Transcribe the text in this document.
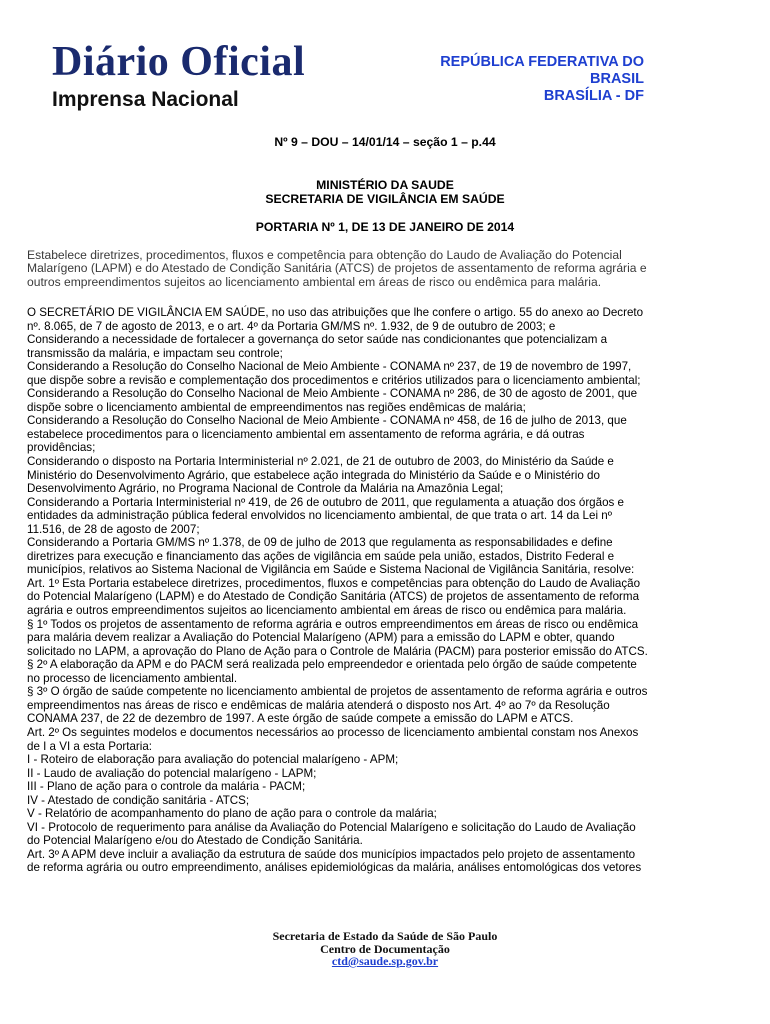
Diário Oficial
Imprensa Nacional
REPÚBLICA FEDERATIVA DO
BRASIL
BRASÍLIA - DF
Nº 9 – DOU – 14/01/14 – seção 1 – p.44
MINISTÉRIO DA SAUDE
SECRETARIA DE VIGILÂNCIA EM SAÚDE
PORTARIA Nº 1, DE 13 DE JANEIRO DE 2014

Estabelece diretrizes, procedimentos, fluxos e competência para obtenção do Laudo de Avaliação do Potencial

Malarígeno (LAPM) e do Atestado de Condição Sanitária (ATCS) de projetos de assentamento de reforma agrária e

outros empreendimentos sujeitos ao licenciamento ambiental em áreas de risco ou endêmica para malária.

O SECRETÁRIO DE VIGILÂNCIA EM SAÚDE, no uso das atribuições que lhe confere o artigo. 55 do anexo ao Decreto

nº. 8.065, de 7 de agosto de 2013, e o art. 4º da Portaria GM/MS nº. 1.932, de 9 de outubro de 2003; e

Considerando a necessidade de fortalecer a governança do setor saúde nas condicionantes que potencializam a

transmissão da malária, e impactam seu controle;

Considerando a Resolução do Conselho Nacional de Meio Ambiente - CONAMA nº 237, de 19 de novembro de 1997,

que dispõe sobre a revisão e complementação dos procedimentos e critérios utilizados para o licenciamento ambiental;

Considerando a Resolução do Conselho Nacional de Meio Ambiente - CONAMA nº 286, de 30 de agosto de 2001, que

dispõe sobre o licenciamento ambiental de empreendimentos nas regiões endêmicas de malária;

Considerando a Resolução do Conselho Nacional de Meio Ambiente - CONAMA nº 458, de 16 de julho de 2013, que

estabelece procedimentos para o licenciamento ambiental em assentamento de reforma agrária, e dá outras

providências;

Considerando o disposto na Portaria Interministerial nº 2.021, de 21 de outubro de 2003, do Ministério da Saúde e

Ministério do Desenvolvimento Agrário, que estabelece ação integrada do Ministério da Saúde e o Ministério do

Desenvolvimento Agrário, no Programa Nacional de Controle da Malária na Amazônia Legal;

Considerando a Portaria Interministerial nº 419, de 26 de outubro de 2011, que regulamenta a atuação dos órgãos e

entidades da administração pública federal envolvidos no licenciamento ambiental, de que trata o art. 14 da Lei nº

11.516, de 28 de agosto de 2007;

Considerando a Portaria GM/MS nº 1.378, de 09 de julho de 2013 que regulamenta as responsabilidades e define

diretrizes para execução e financiamento das ações de vigilância em saúde pela união, estados, Distrito Federal e

municípios, relativos ao Sistema Nacional de Vigilância em Saúde e Sistema Nacional de Vigilância Sanitária, resolve:

Art. 1º Esta Portaria estabelece diretrizes, procedimentos, fluxos e competências para obtenção do Laudo de Avaliação

do Potencial Malarígeno (LAPM) e do Atestado de Condição Sanitária (ATCS) de projetos de assentamento de reforma

agrária e outros empreendimentos sujeitos ao licenciamento ambiental em áreas de risco ou endêmica para malária.

§ 1º Todos os projetos de assentamento de reforma agrária e outros empreendimentos em áreas de risco ou endêmica

para malária devem realizar a Avaliação do Potencial Malarígeno (APM) para a emissão do LAPM e obter, quando

solicitado no LAPM, a aprovação do Plano de Ação para o Controle de Malária (PACM) para posterior emissão do ATCS.

§ 2º A elaboração da APM e do PACM será realizada pelo empreendedor e orientada pelo órgão de saúde competente

no processo de licenciamento ambiental.

§ 3º O órgão de saúde competente no licenciamento ambiental de projetos de assentamento de reforma agrária e outros

empreendimentos nas áreas de risco e endêmicas de malária atenderá o disposto nos Art. 4º ao 7º da Resolução

CONAMA 237, de 22 de dezembro de 1997. A este órgão de saúde compete a emissão do LAPM e ATCS.

Art. 2º Os seguintes modelos e documentos necessários ao processo de licenciamento ambiental constam nos Anexos

de I a VI a esta Portaria:

I - Roteiro de elaboração para avaliação do potencial malarígeno - APM;

II - Laudo de avaliação do potencial malarígeno - LAPM;

III - Plano de ação para o controle da malária - PACM;

IV - Atestado de condição sanitária - ATCS;

V - Relatório de acompanhamento do plano de ação para o controle da malária;

VI - Protocolo de requerimento para análise da Avaliação do Potencial Malarígeno e solicitação do Laudo de Avaliação

do Potencial Malarígeno e/ou do Atestado de Condição Sanitária.

Art. 3º A APM deve incluir a avaliação da estrutura de saúde dos municípios impactados pelo projeto de assentamento

de reforma agrária ou outro empreendimento, análises epidemiológicas da malária, análises entomológicas dos vetores

Secretaria de Estado da Saúde de São Paulo
Centro de Documentação
ctd@saude.sp.gov.br
